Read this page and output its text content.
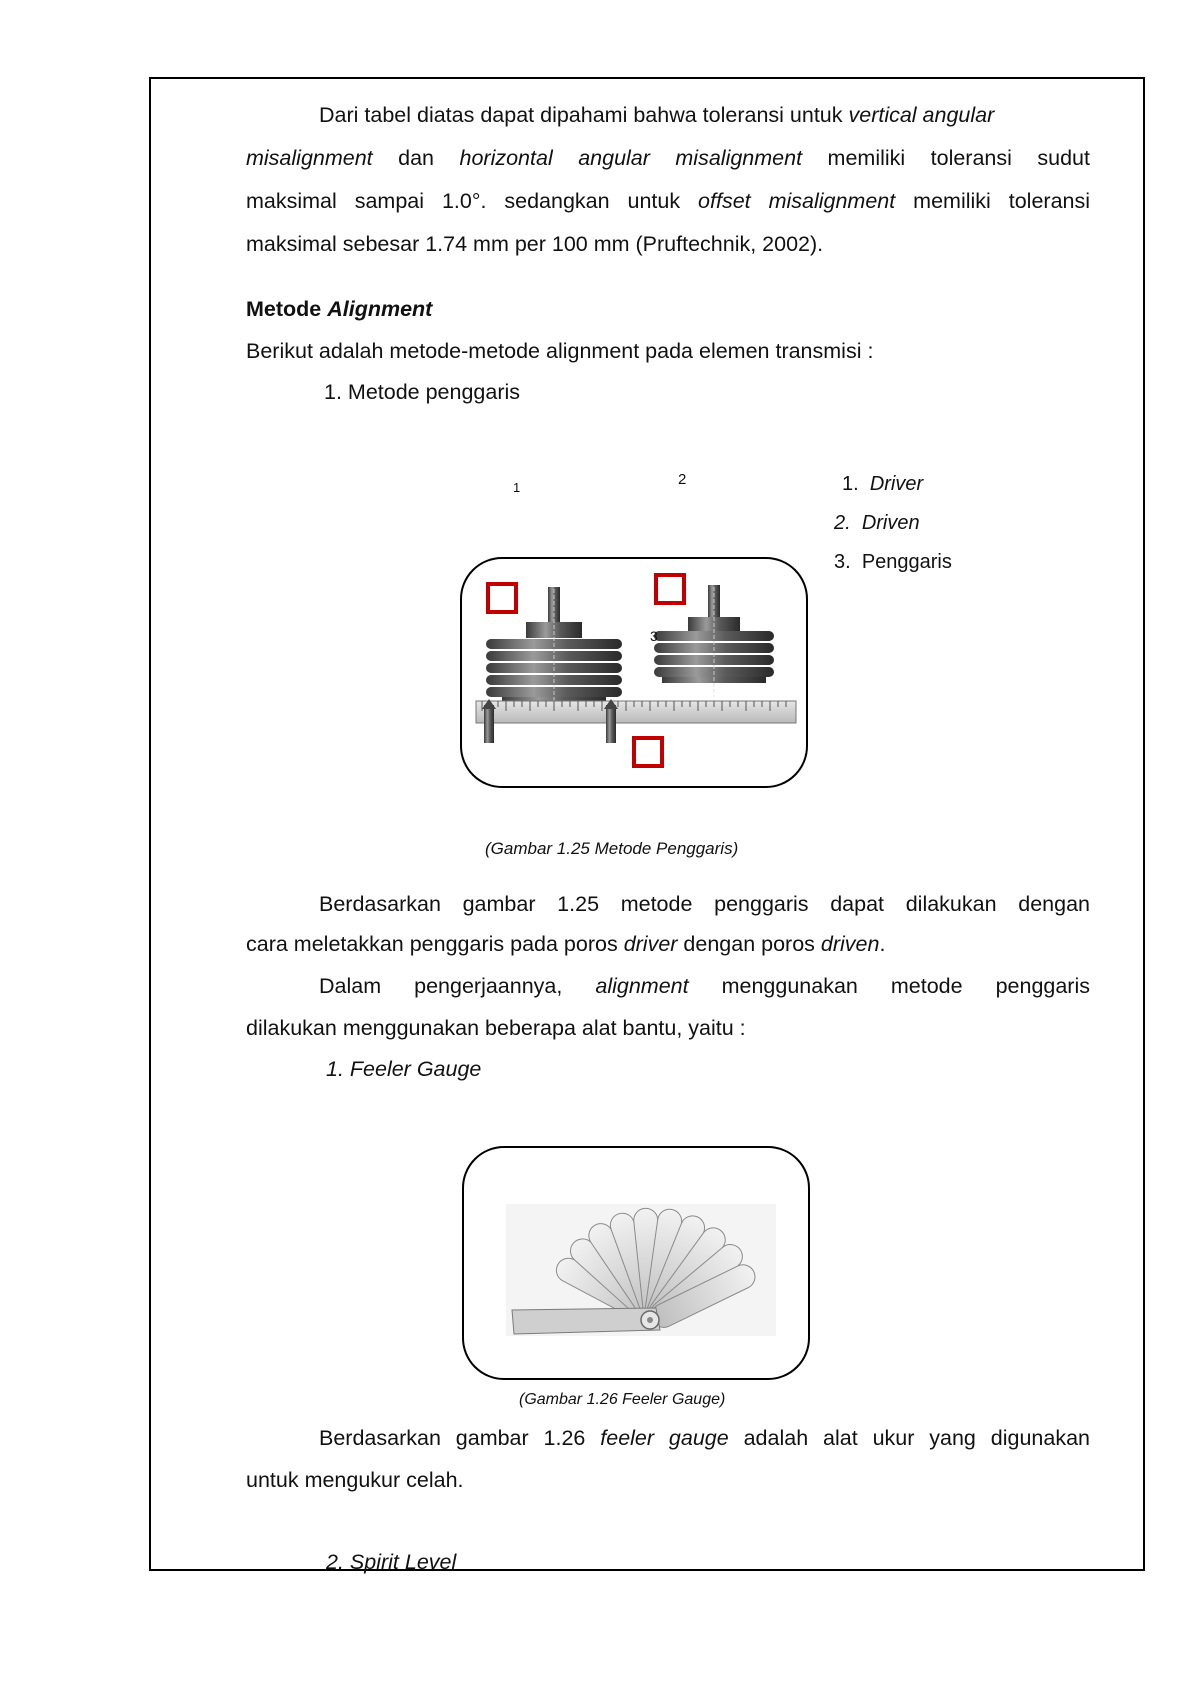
Dari tabel diatas dapat dipahami bahwa toleransi untuk vertical angular
misalignment dan horizontal angular misalignment memiliki toleransi sudut
maksimal sampai 1.0°. sedangkan untuk offset misalignment memiliki toleransi
maksimal sebesar 1.74 mm per 100 mm (Pruftechnik, 2002).
Metode Alignment
Berikut adalah metode-metode alignment pada elemen transmisi :
1. Metode penggaris
1	2	1. Driver
2. Driven
3. Penggaris
3
(Gambar 1.25 Metode Penggaris)
Berdasarkan gambar 1.25 metode penggaris dapat dilakukan dengan
cara meletakkan penggaris pada poros driver dengan poros driven.
Dalam pengerjaannya, alignment menggunakan metode penggaris
dilakukan menggunakan beberapa alat bantu, yaitu :
1. Feeler Gauge
(Gambar 1.26 Feeler Gauge)
Berdasarkan gambar 1.26 feeler gauge adalah alat ukur yang digunakan
untuk mengukur celah.
2. Spirit Level
